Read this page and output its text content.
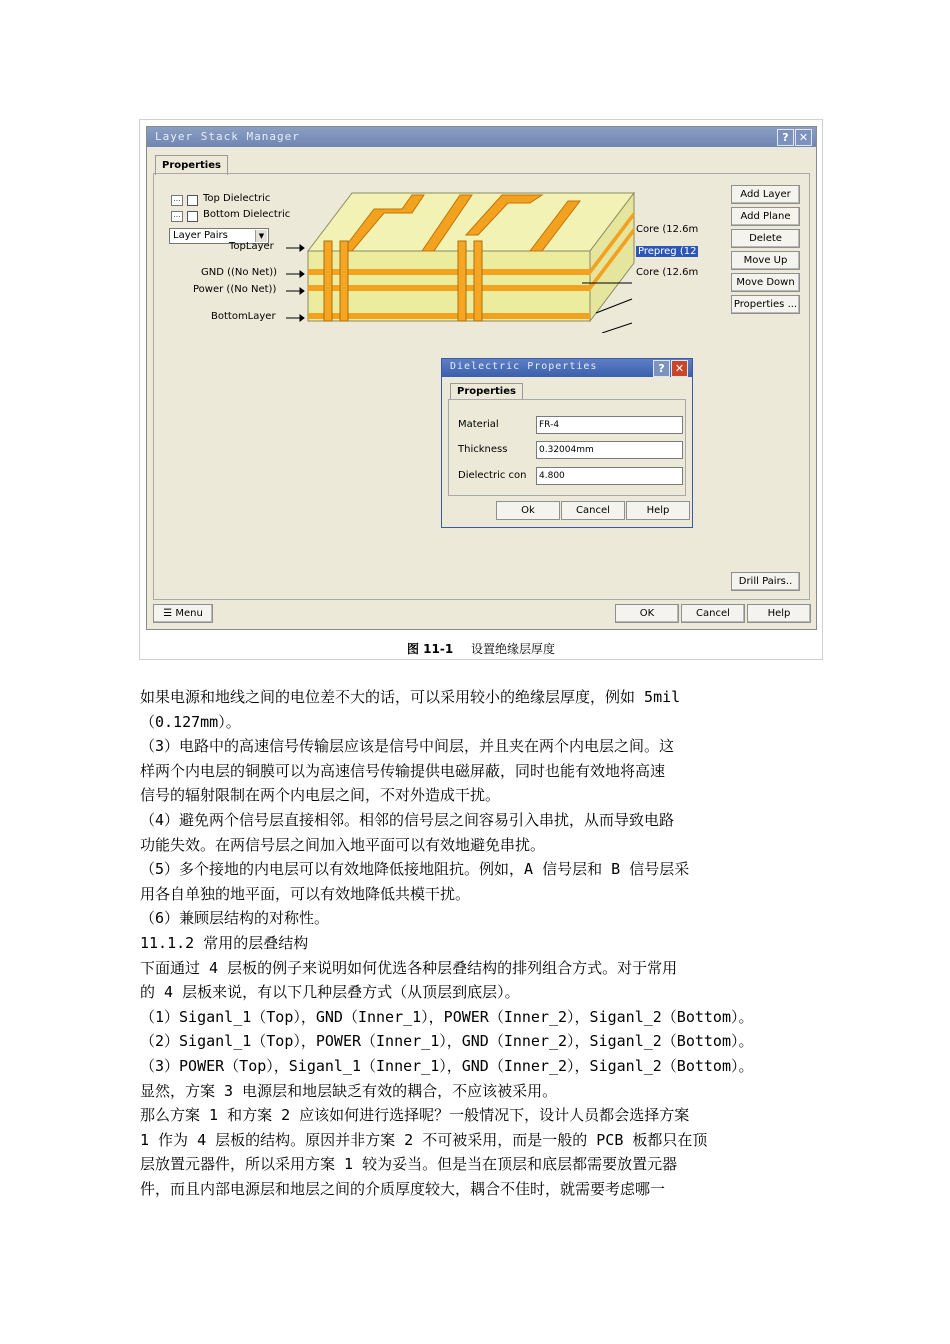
Layer Stack Manager	? ✕
Properties
… Top Dielectric
… Bottom Dielectric
Layer Pairs	▼
TopLayer
GND ((No Net))
Power ((No Net))
BottomLayer
Core (12.6m
Prepreg (12
Core (12.6m
Add Layer
Add Plane
Delete
Move Up
Move Down
Properties ...
Drill Pairs..
☰ Menu	OK	Cancel	Help
Dielectric Properties	? ✕
Properties
Material	FR-4
Thickness	0.32004mm
Dielectric con	4.800
Ok	Cancel	Help
图 11-1 设置绝缘层厚度

如果电源和地线之间的电位差不大的话，可以采用较小的绝缘层厚度，例如 5mil

（0.127mm）。

（3）电路中的高速信号传输层应该是信号中间层，并且夹在两个内电层之间。这

样两个内电层的铜膜可以为高速信号传输提供电磁屏蔽，同时也能有效地将高速

信号的辐射限制在两个内电层之间，不对外造成干扰。

（4）避免两个信号层直接相邻。相邻的信号层之间容易引入串扰，从而导致电路

功能失效。在两信号层之间加入地平面可以有效地避免串扰。

（5）多个接地的内电层可以有效地降低接地阻抗。例如，A 信号层和 B 信号层采

用各自单独的地平面，可以有效地降低共模干扰。

（6）兼顾层结构的对称性。

11.1.2 常用的层叠结构

下面通过 4 层板的例子来说明如何优选各种层叠结构的排列组合方式。对于常用

的 4 层板来说，有以下几种层叠方式（从顶层到底层）。

（1）Siganl_1（Top），GND（Inner_1），POWER（Inner_2），Siganl_2（Bottom）。

（2）Siganl_1（Top），POWER（Inner_1），GND（Inner_2），Siganl_2（Bottom）。

（3）POWER（Top），Siganl_1（Inner_1），GND（Inner_2），Siganl_2（Bottom）。

显然，方案 3 电源层和地层缺乏有效的耦合，不应该被采用。

那么方案 1 和方案 2 应该如何进行选择呢？一般情况下，设计人员都会选择方案

1 作为 4 层板的结构。原因并非方案 2 不可被采用，而是一般的 PCB 板都只在顶

层放置元器件，所以采用方案 1 较为妥当。但是当在顶层和底层都需要放置元器

件，而且内部电源层和地层之间的介质厚度较大，耦合不佳时，就需要考虑哪一
